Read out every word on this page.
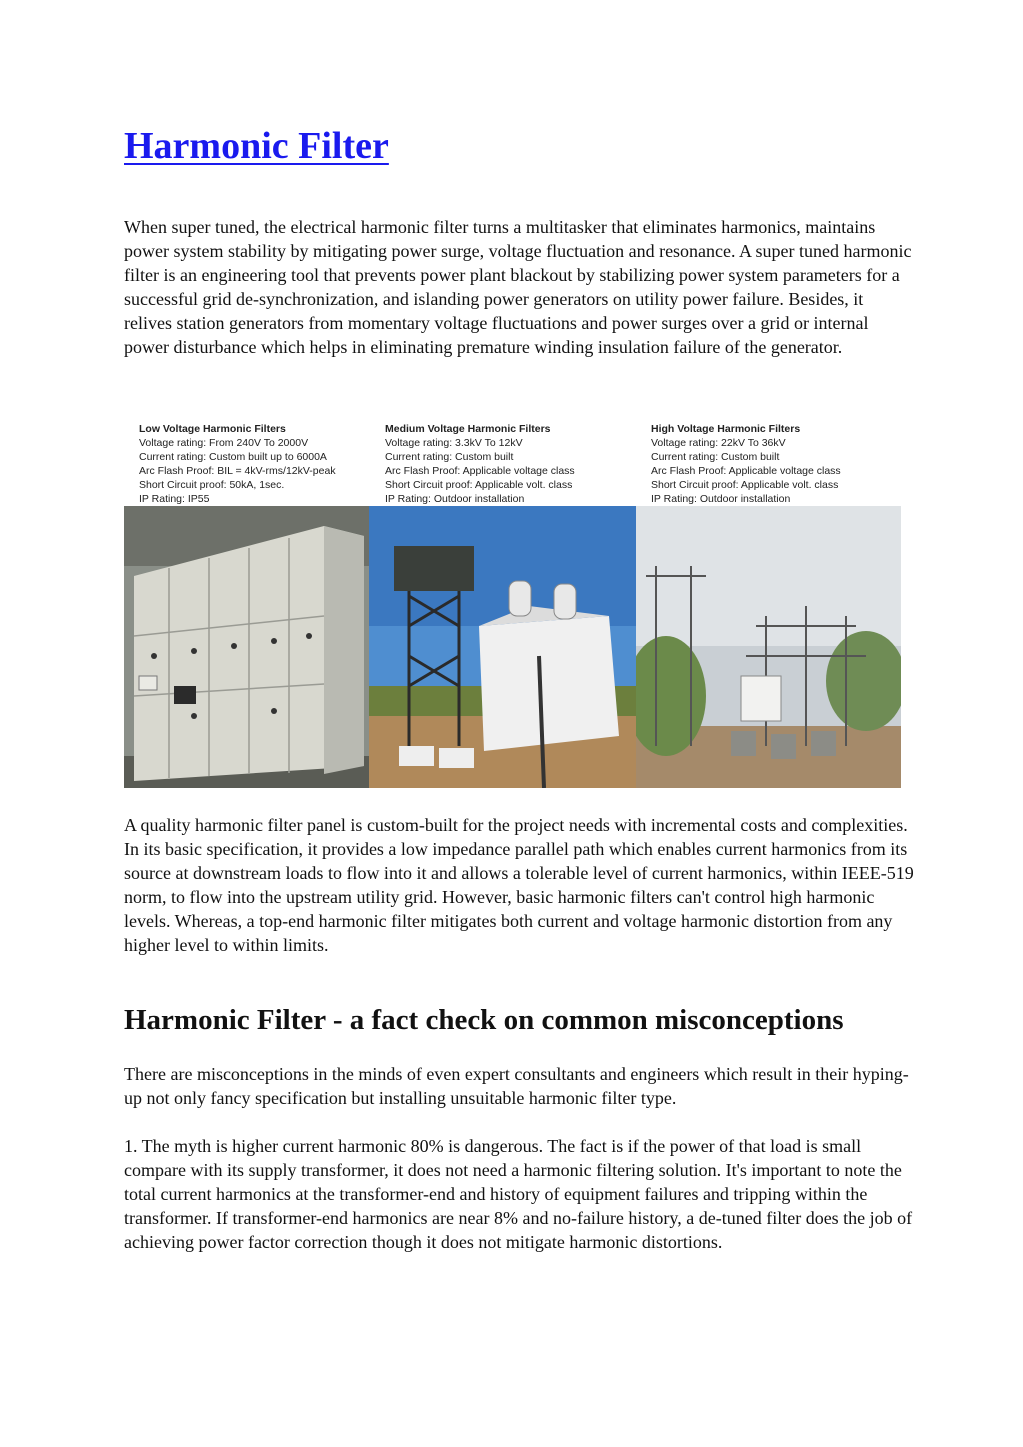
Harmonic Filter

When super tuned, the electrical harmonic filter turns a multitasker that eliminates harmonics, maintains power system stability by mitigating power surge, voltage fluctuation and resonance. A super tuned harmonic filter is an engineering tool that prevents power plant blackout by stabilizing power system parameters for a successful grid de-synchronization, and islanding power generators on utility power failure. Besides, it relives station generators from momentary voltage fluctuations and power surges over a grid or internal power disturbance which helps in eliminating premature winding insulation failure of the generator.

Low Voltage Harmonic Filters
Voltage rating: From 240V To 2000V
Current rating: Custom built up to 6000A
Arc Flash Proof: BIL = 4kV-rms/12kV-peak
Short Circuit proof: 50kA, 1sec.
IP Rating: IP55
Medium Voltage Harmonic Filters
Voltage rating: 3.3kV To 12kV
Current rating: Custom built
Arc Flash Proof: Applicable voltage class
Short Circuit proof: Applicable volt. class
IP Rating: Outdoor installation
High Voltage Harmonic Filters
Voltage rating: 22kV To 36kV
Current rating: Custom built
Arc Flash Proof: Applicable voltage class
Short Circuit proof: Applicable volt. class
IP Rating: Outdoor installation

A quality harmonic filter panel is custom-built for the project needs with incremental costs and complexities. In its basic specification, it provides a low impedance parallel path which enables current harmonics from its source at downstream loads to flow into it and allows a tolerable level of current harmonics, within IEEE-519 norm, to flow into the upstream utility grid. However, basic harmonic filters can't control high harmonic levels. Whereas, a top-end harmonic filter mitigates both current and voltage harmonic distortion from any higher level to within limits.

Harmonic Filter - a fact check on common misconceptions

There are misconceptions in the minds of even expert consultants and engineers which result in their hyping-up not only fancy specification but installing unsuitable harmonic filter type.

1. The myth is higher current harmonic 80% is dangerous. The fact is if the power of that load is small compare with its supply transformer, it does not need a harmonic filtering solution. It's important to note the total current harmonics at the transformer-end and history of equipment failures and tripping within the transformer. If transformer-end harmonics are near 8% and no-failure history, a de-tuned filter does the job of achieving power factor correction though it does not mitigate harmonic distortions.
